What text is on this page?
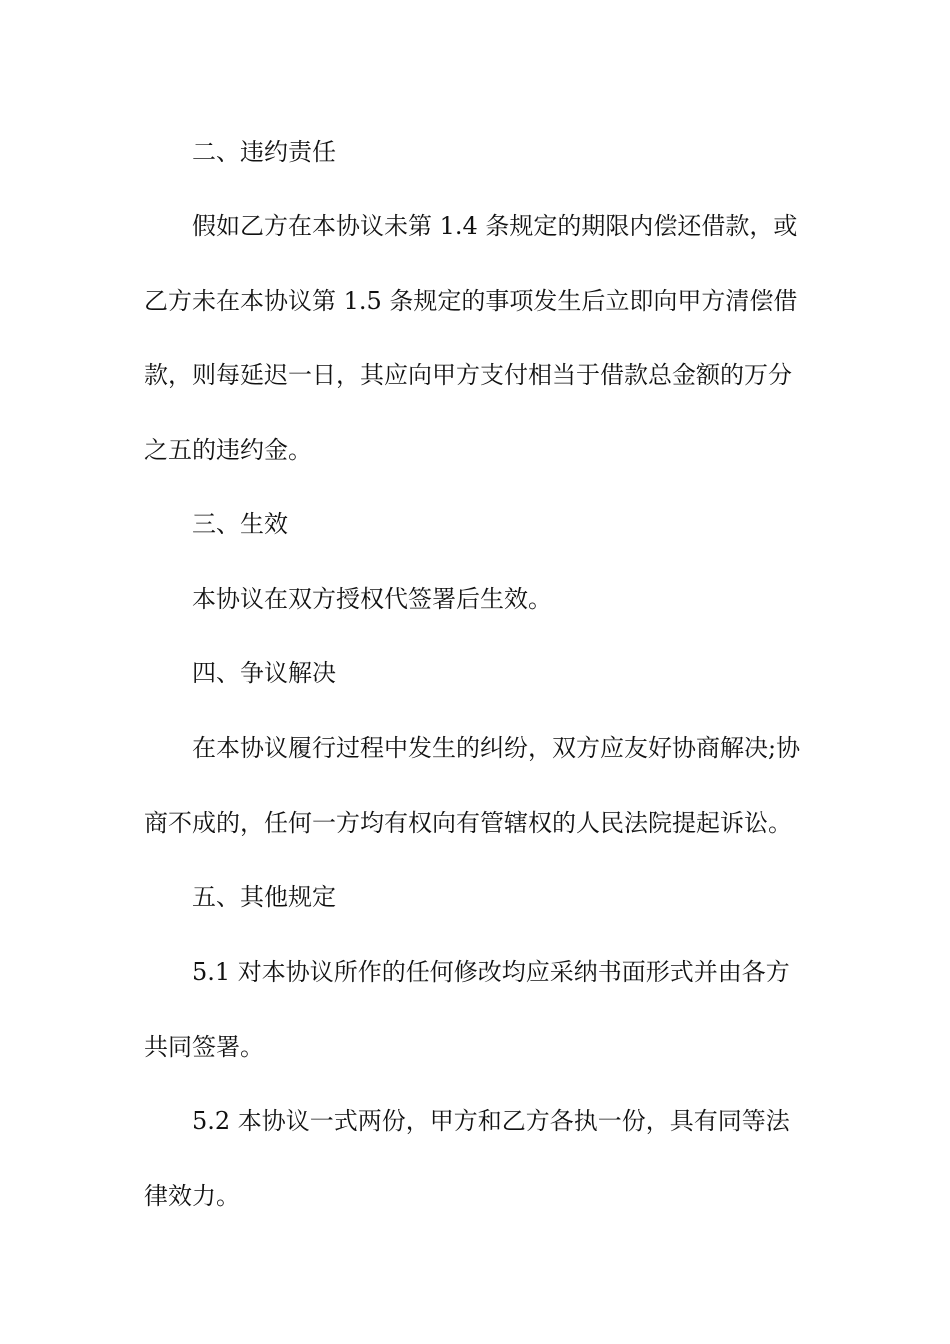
二、违约责任

假如乙方在本协议未第 1.4 条规定的期限内偿还借款，或
乙方未在本协议第 1.5 条规定的事项发生后立即向甲方清偿借
款，则每延迟一日，其应向甲方支付相当于借款总金额的万分
之五的违约金。

三、生效

本协议在双方授权代签署后生效。

四、争议解决

在本协议履行过程中发生的纠纷，双方应友好协商解决;协
商不成的，任何一方均有权向有管辖权的人民法院提起诉讼。

五、其他规定

5.1 对本协议所作的任何修改均应采纳书面形式并由各方
共同签署。

5.2 本协议一式两份，甲方和乙方各执一份，具有同等法
律效力。
